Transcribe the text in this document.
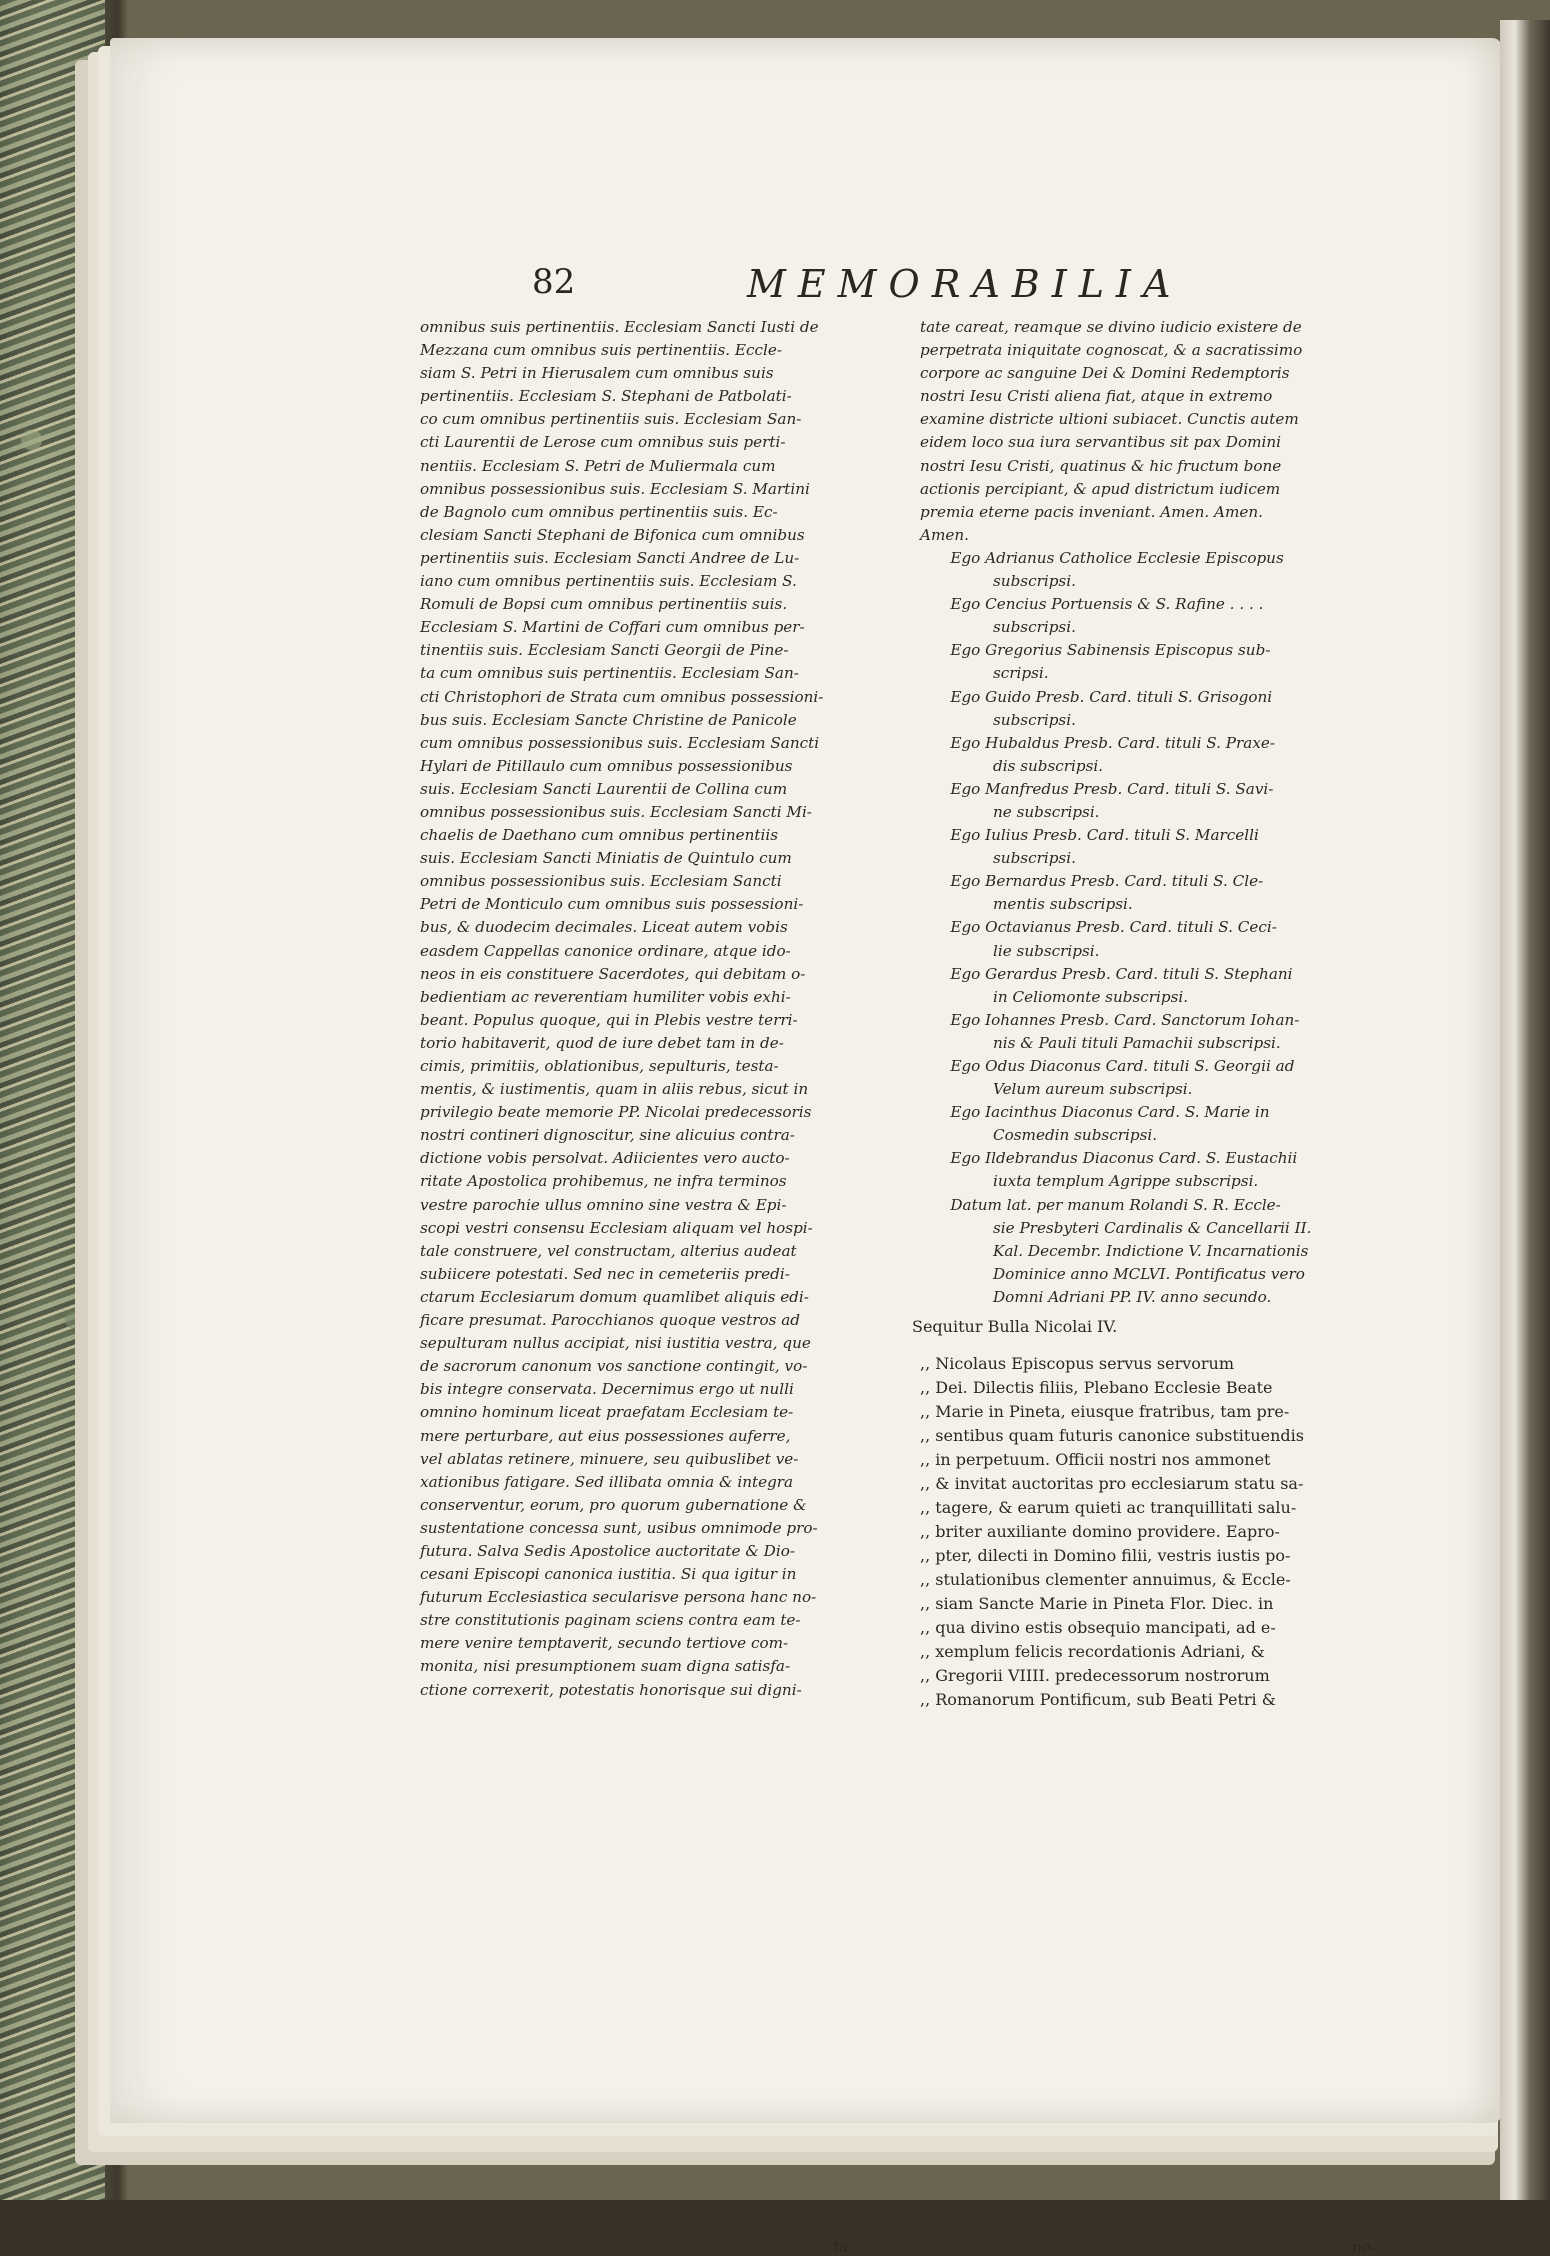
82	MEMORABILIA
omnibus suis pertinentiis. Ecclesiam Sancti Iusti de
Mezzana cum omnibus suis pertinentiis. Eccle-
siam S. Petri in Hierusalem cum omnibus suis
pertinentiis. Ecclesiam S. Stephani de Patbolati-
co cum omnibus pertinentiis suis. Ecclesiam San-
cti Laurentii de Lerose cum omnibus suis perti-
nentiis. Ecclesiam S. Petri de Muliermala cum
omnibus possessionibus suis. Ecclesiam S. Martini
de Bagnolo cum omnibus pertinentiis suis. Ec-
clesiam Sancti Stephani de Bifonica cum omnibus
pertinentiis suis. Ecclesiam Sancti Andree de Lu-
iano cum omnibus pertinentiis suis. Ecclesiam S.
Romuli de Bopsi cum omnibus pertinentiis suis.
Ecclesiam S. Martini de Coffari cum omnibus per-
tinentiis suis. Ecclesiam Sancti Georgii de Pine-
ta cum omnibus suis pertinentiis. Ecclesiam San-
cti Christophori de Strata cum omnibus possessioni-
bus suis. Ecclesiam Sancte Christine de Panicole
cum omnibus possessionibus suis. Ecclesiam Sancti
Hylari de Pitillaulo cum omnibus possessionibus
suis. Ecclesiam Sancti Laurentii de Collina cum
omnibus possessionibus suis. Ecclesiam Sancti Mi-
chaelis de Daethano cum omnibus pertinentiis
suis. Ecclesiam Sancti Miniatis de Quintulo cum
omnibus possessionibus suis. Ecclesiam Sancti
Petri de Monticulo cum omnibus suis possessioni-
bus, & duodecim decimales. Liceat autem vobis
easdem Cappellas canonice ordinare, atque ido-
neos in eis constituere Sacerdotes, qui debitam o-
bedientiam ac reverentiam humiliter vobis exhi-
beant. Populus quoque, qui in Plebis vestre terri-
torio habitaverit, quod de iure debet tam in de-
cimis, primitiis, oblationibus, sepulturis, testa-
mentis, & iustimentis, quam in aliis rebus, sicut in
privilegio beate memorie PP. Nicolai predecessoris
nostri contineri dignoscitur, sine alicuius contra-
dictione vobis persolvat. Adiicientes vero aucto-
ritate Apostolica prohibemus, ne infra terminos
vestre parochie ullus omnino sine vestra & Epi-
scopi vestri consensu Ecclesiam aliquam vel hospi-
tale construere, vel constructam, alterius audeat
subiicere potestati. Sed nec in cemeteriis predi-
ctarum Ecclesiarum domum quamlibet aliquis edi-
ficare presumat. Parocchianos quoque vestros ad
sepulturam nullus accipiat, nisi iustitia vestra, que
de sacrorum canonum vos sanctione contingit, vo-
bis integre conservata. Decernimus ergo ut nulli
omnino hominum liceat praefatam Ecclesiam te-
mere perturbare, aut eius possessiones auferre,
vel ablatas retinere, minuere, seu quibuslibet ve-
xationibus fatigare. Sed illibata omnia & integra
conserventur, eorum, pro quorum gubernatione &
sustentatione concessa sunt, usibus omnimode pro-
futura. Salva Sedis Apostolice auctoritate & Dio-
cesani Episcopi canonica iustitia. Si qua igitur in
futurum Ecclesiastica secularisve persona hanc no-
stre constitutionis paginam sciens contra eam te-
mere venire temptaverit, secundo tertiove com-
monita, nisi presumptionem suam digna satisfa-
ctione correxerit, potestatis honorisque sui digni-
tate careat, reamque se divino iudicio existere de
perpetrata iniquitate cognoscat, & a sacratissimo
corpore ac sanguine Dei & Domini Redemptoris
nostri Iesu Cristi aliena fiat, atque in extremo
examine districte ultioni subiacet. Cunctis autem
eidem loco sua iura servantibus sit pax Domini
nostri Iesu Cristi, quatinus & hic fructum bone
actionis percipiant, & apud districtum iudicem
premia eterne pacis inveniant. Amen. Amen.
Amen.
  Ego Adrianus Catholice Ecclesie Episcopus
subscripsi.
  Ego Cencius Portuensis & S. Rafine . . . .
subscripsi.
  Ego Gregorius Sabinensis Episcopus sub-
scripsi.
  Ego Guido Presb. Card. tituli S. Grisogoni
subscripsi.
  Ego Hubaldus Presb. Card. tituli S. Praxe-
dis subscripsi.
  Ego Manfredus Presb. Card. tituli S. Savi-
ne subscripsi.
  Ego Iulius Presb. Card. tituli S. Marcelli
subscripsi.
  Ego Bernardus Presb. Card. tituli S. Cle-
mentis subscripsi.
  Ego Octavianus Presb. Card. tituli S. Ceci-
lie subscripsi.
  Ego Gerardus Presb. Card. tituli S. Stephani
in Celiomonte subscripsi.
  Ego Iohannes Presb. Card. Sanctorum Iohan-
nis & Pauli tituli Pamachii subscripsi.
  Ego Odus Diaconus Card. tituli S. Georgii ad
Velum aureum subscripsi.
  Ego Iacinthus Diaconus Card. S. Marie in
Cosmedin subscripsi.
  Ego Ildebrandus Diaconus Card. S. Eustachii
iuxta templum Agrippe subscripsi.
  Datum lat. per manum Rolandi S. R. Eccle-
sie Presbyteri Cardinalis & Cancellarii II.
Kal. Decembr. Indictione V. Incarnationis
Dominice anno MCLVI. Pontificatus vero
Domni Adriani PP. IV. anno secundo.
Sequitur Bulla Nicolai IV.
,, Nicolaus Episcopus servus servorum
,, Dei. Dilectis filiis, Plebano Ecclesie Beate
,, Marie in Pineta, eiusque fratribus, tam pre-
,, sentibus quam futuris canonice substituendis
,, in perpetuum. Officii nostri nos ammonet
,, & invitat auctoritas pro ecclesiarum statu sa-
,, tagere, & earum quieti ac tranquillitati salu-
,, briter auxiliante domino providere. Eapro-
,, pter, dilecti in Domino filii, vestris iustis po-
,, stulationibus clementer annuimus, & Eccle-
,, siam Sancte Marie in Pineta Flor. Diec. in
,, qua divino estis obsequio mancipati, ad e-
,, xemplum felicis recordationis Adriani, &
,, Gregorii VIIII. predecessorum nostrorum
,, Romanorum Pontificum, sub Beati Petri &
ta-	no-
